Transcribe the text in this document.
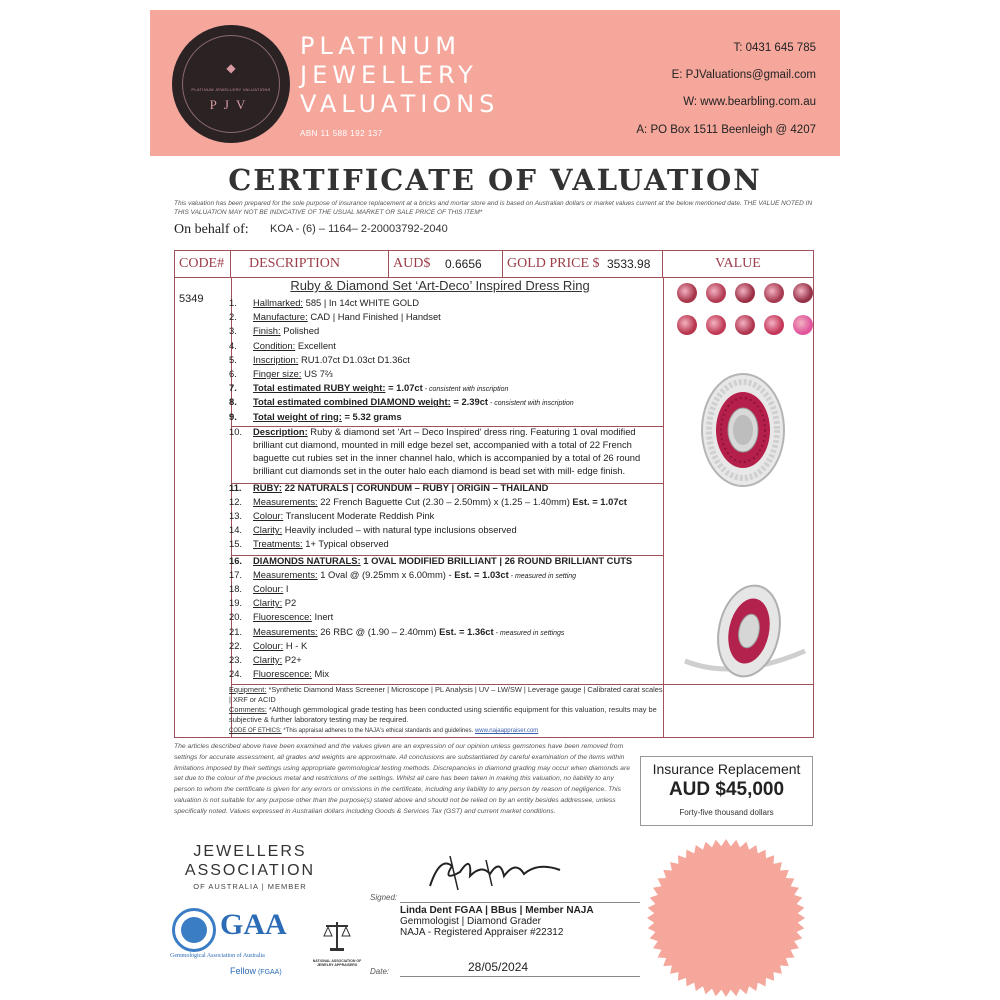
◆
PLATINUM JEWELLERY VALUATIONS
PJV
PLATINUM
JEWELLERY
VALUATIONS
ABN 11 588 192 137
T: 0431 645 785
E: PJValuations@gmail.com
W: www.bearbling.com.au
A: PO Box 1511 Beenleigh @ 4207
CERTIFICATE OF VALUATION
This valuation has been prepared for the sole purpose of insurance replacement at a bricks and mortar store and is based on Australian dollars or market values current at the below mentioned date. THE VALUE NOTED IN THIS VALUATION MAY NOT BE INDICATIVE OF THE USUAL MARKET OR SALE PRICE OF THIS ITEM*
On behalf of: KOA - (6) – 1164– 2-20003792-2040
CODE#	DESCRIPTION	AUD$	0.6656 GOLD PRICE $ 3533.98	VALUE
5349
Ruby & Diamond Set ‘Art-Deco’ Inspired Dress Ring
1.	Hallmarked: 585 | In 14ct WHITE GOLD
2.	Manufacture: CAD | Hand Finished | Handset
3.	Finish: Polished
4.	Condition: Excellent
5.	Inscription: RU1.07ct D1.03ct D1.36ct
6.	Finger size: US 7⅔
7.	Total estimated RUBY weight: = 1.07ct - consistent with inscription
8.	Total estimated combined DIAMOND weight: = 2.39ct - consistent with inscription
9.	Total weight of ring: = 5.32 grams
10. Description: Ruby & diamond set ‘Art – Deco Inspired’ dress ring. Featuring 1 oval modified brilliant cut diamond, mounted in mill edge bezel set, accompanied with a total of 22 French baguette cut rubies set in the inner channel halo, which is accompanied by a total of 26 round brilliant cut diamonds set in the outer halo each diamond is bead set with mill- edge finish.
11.	RUBY: 22 NATURALS | CORUNDUM – RUBY | ORIGIN – THAILAND
12.	Measurements: 22 French Baguette Cut (2.30 – 2.50mm) x (1.25 – 1.40mm) Est. = 1.07ct
13.	Colour: Translucent Moderate Reddish Pink
14.	Clarity: Heavily included – with natural type inclusions observed
15.	Treatments: 1+ Typical observed
16.	DIAMONDS NATURALS: 1 OVAL MODIFIED BRILLIANT | 26 ROUND BRILLIANT CUTS
17.	Measurements: 1 Oval @ (9.25mm x 6.00mm) - Est. = 1.03ct - measured in setting
18.	Colour: I
19.	Clarity: P2
20.	Fluorescence: Inert
21.	Measurements: 26 RBC @ (1.90 – 2.40mm) Est. = 1.36ct - measured in settings
22.	Colour: H - K
23.	Clarity: P2+
24.	Fluorescence: Mix
Equipment: *Synthetic Diamond Mass Screener | Microscope | PL Analysis | UV – LW/SW | Leverage gauge | Calibrated carat scales | XRF or ACID
Comments: *Although gemmological grade testing has been conducted using scientific equipment for this valuation, results may be subjective & further laboratory testing may be required.
CODE OF ETHICS: *This appraisal adheres to the NAJA's ethical standards and guidelines. www.najaappraiser.com
The articles described above have been examined and the values given are an expression of our opinion unless gemstones have been removed from settings for accurate assessment, all grades and weights are approximate. All conclusions are substantiated by careful examination of the items within limitations imposed by their settings using appropriate gemmological testing methods. Discrepancies in diamond grading may occur when diamonds are set due to the colour of the precious metal and restrictions of the settings. Whilst all care has been taken in making this valuation, no liability to any person to whom the certificate is given for any errors or omissions in the certificate, including any liability to any person by reason of negligence. This valuation is not suitable for any purpose other than the purpose(s) stated above and should not be relied on by an entity besides addressee, unless specifically noted. Values expressed in Australian dollars including Goods & Services Tax (GST) and current market conditions.
Insurance Replacement
AUD $45,000
Forty-five thousand dollars
JEWELLERS
ASSOCIATION
OF AUSTRALIA | MEMBER
GAA
Gemmological Association of Australia
Fellow (FGAA)
NATIONAL ASSOCIATION OF JEWELRY APPRAISERS
Signed:
Linda Dent FGAA | BBus | Member NAJA
Gemmologist | Diamond Grader
NAJA - Registered Appraiser #22312
Date:	28/05/2024
